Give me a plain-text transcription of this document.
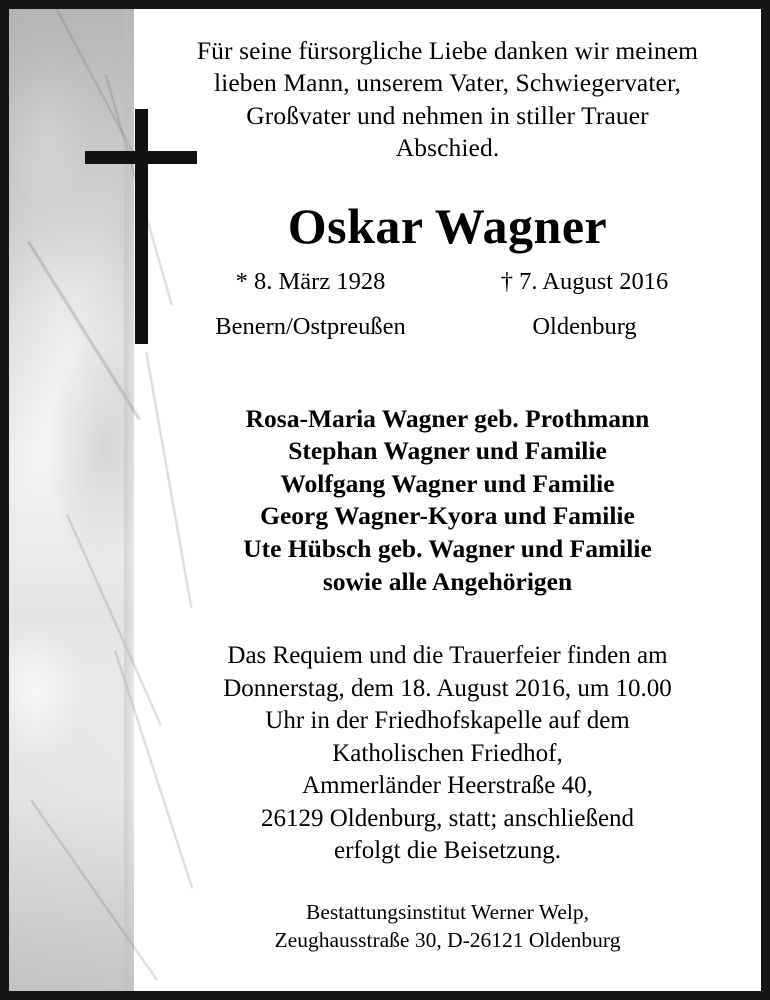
Für seine fürsorgliche Liebe danken wir meinem
lieben Mann, unserem Vater, Schwiegervater,
Großvater und nehmen in stiller Trauer
Abschied.
Oskar Wagner
* 8. März 1928	† 7. August 2016
Benern/Ostpreußen	Oldenburg
Rosa-Maria Wagner geb. Prothmann
Stephan Wagner und Familie
Wolfgang Wagner und Familie
Georg Wagner-Kyora und Familie
Ute Hübsch geb. Wagner und Familie
sowie alle Angehörigen
Das Requiem und die Trauerfeier finden am
Donnerstag, dem 18. August 2016, um 10.00
Uhr in der Friedhofskapelle auf dem
Katholischen Friedhof,
Ammerländer Heerstraße 40,
26129 Oldenburg, statt; anschließend
erfolgt die Beisetzung.
Bestattungsinstitut Werner Welp,
Zeughausstraße 30, D-26121 Oldenburg
